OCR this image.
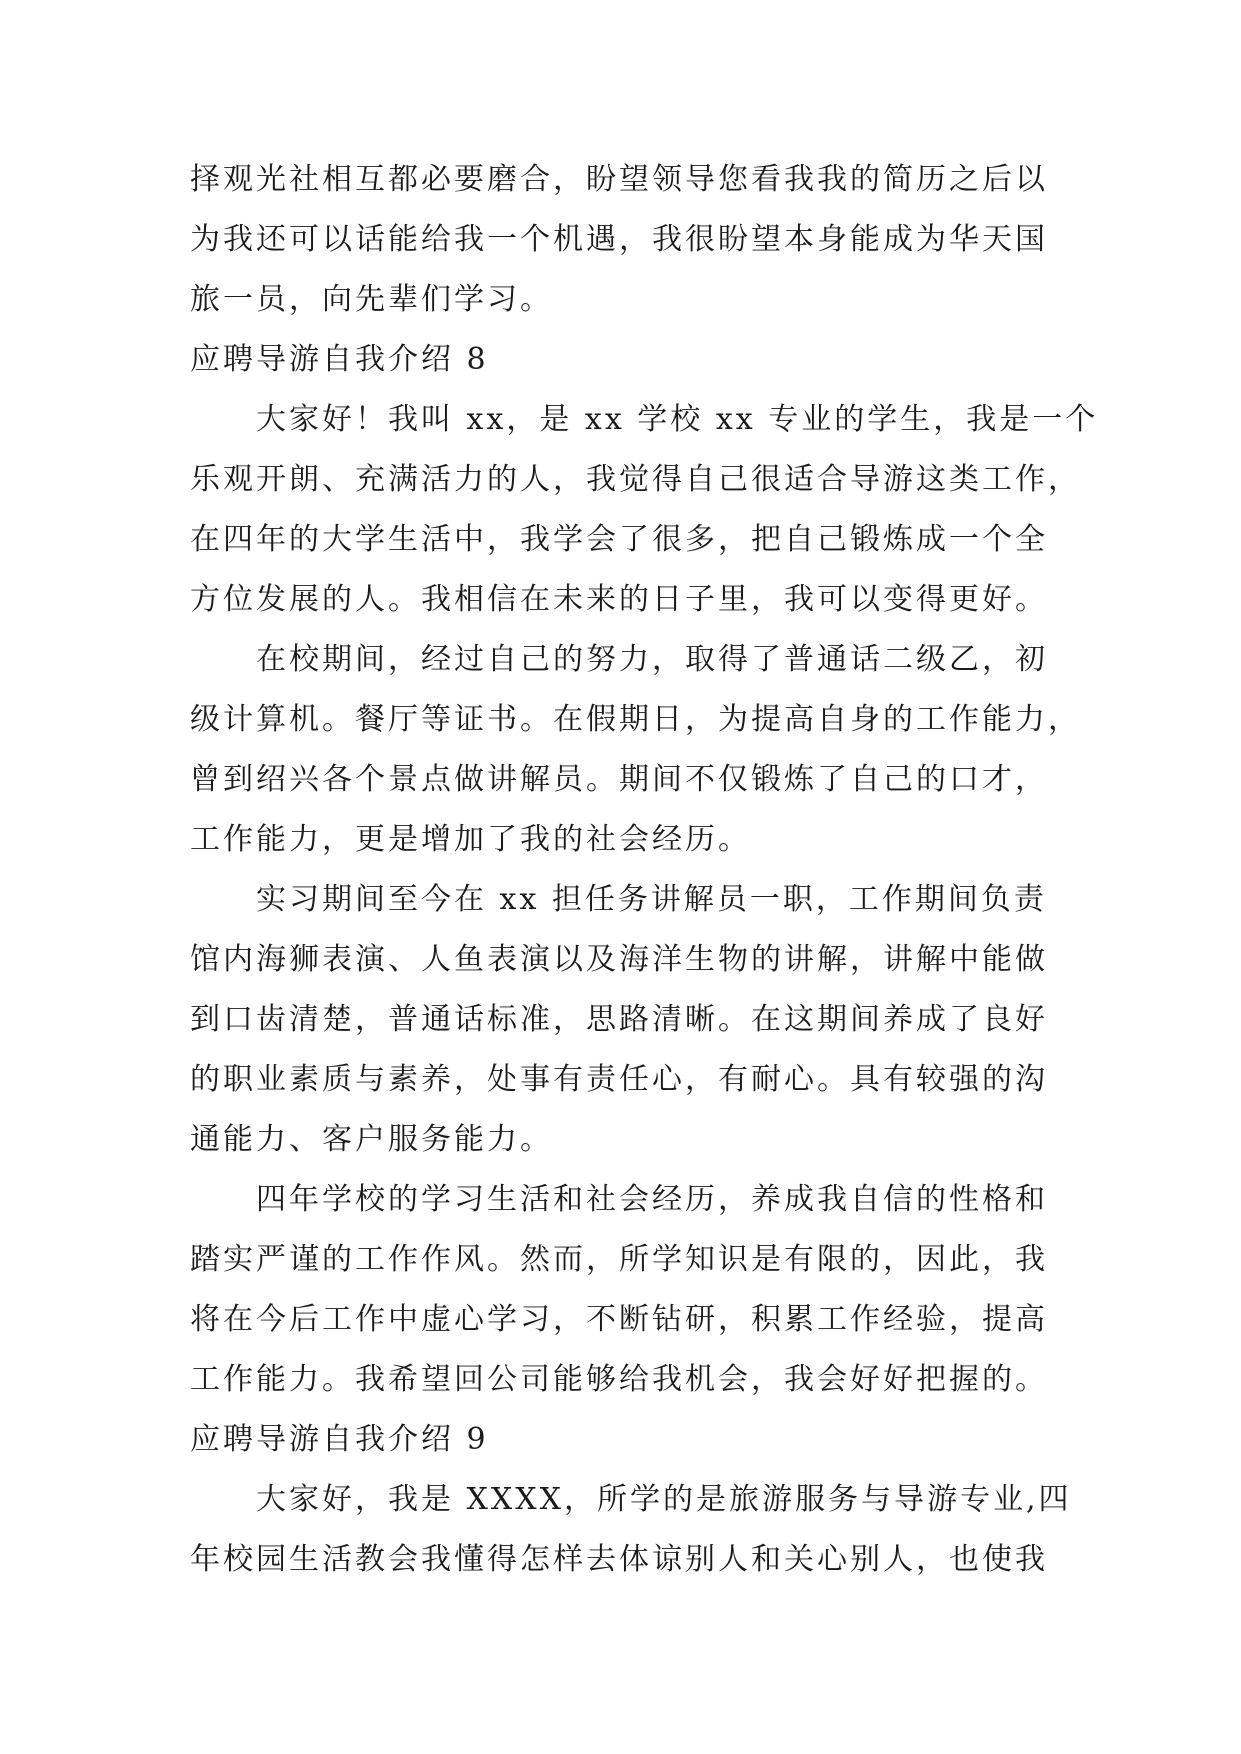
择观光社相互都必要磨合，盼望领导您看我我的简历之后以
为我还可以话能给我一个机遇，我很盼望本身能成为华天国
旅一员，向先辈们学习。
应聘导游自我介绍 8
大家好！我叫 xx，是 xx 学校 xx 专业的学生，我是一个
乐观开朗、充满活力的人，我觉得自己很适合导游这类工作，
在四年的大学生活中，我学会了很多，把自己锻炼成一个全
方位发展的人。我相信在未来的日子里，我可以变得更好。
在校期间，经过自己的努力，取得了普通话二级乙，初
级计算机。餐厅等证书。在假期日，为提高自身的工作能力，
曾到绍兴各个景点做讲解员。期间不仅锻炼了自己的口才，
工作能力，更是增加了我的社会经历。
实习期间至今在 xx 担任务讲解员一职，工作期间负责
馆内海狮表演、人鱼表演以及海洋生物的讲解，讲解中能做
到口齿清楚，普通话标准，思路清晰。在这期间养成了良好
的职业素质与素养，处事有责任心，有耐心。具有较强的沟
通能力、客户服务能力。
四年学校的学习生活和社会经历，养成我自信的性格和
踏实严谨的工作作风。然而，所学知识是有限的，因此，我
将在今后工作中虚心学习，不断钻研，积累工作经验，提高
工作能力。我希望回公司能够给我机会，我会好好把握的。
应聘导游自我介绍 9
大家好，我是 XXXX，所学的是旅游服务与导游专业,四
年校园生活教会我懂得怎样去体谅别人和关心别人，也使我
